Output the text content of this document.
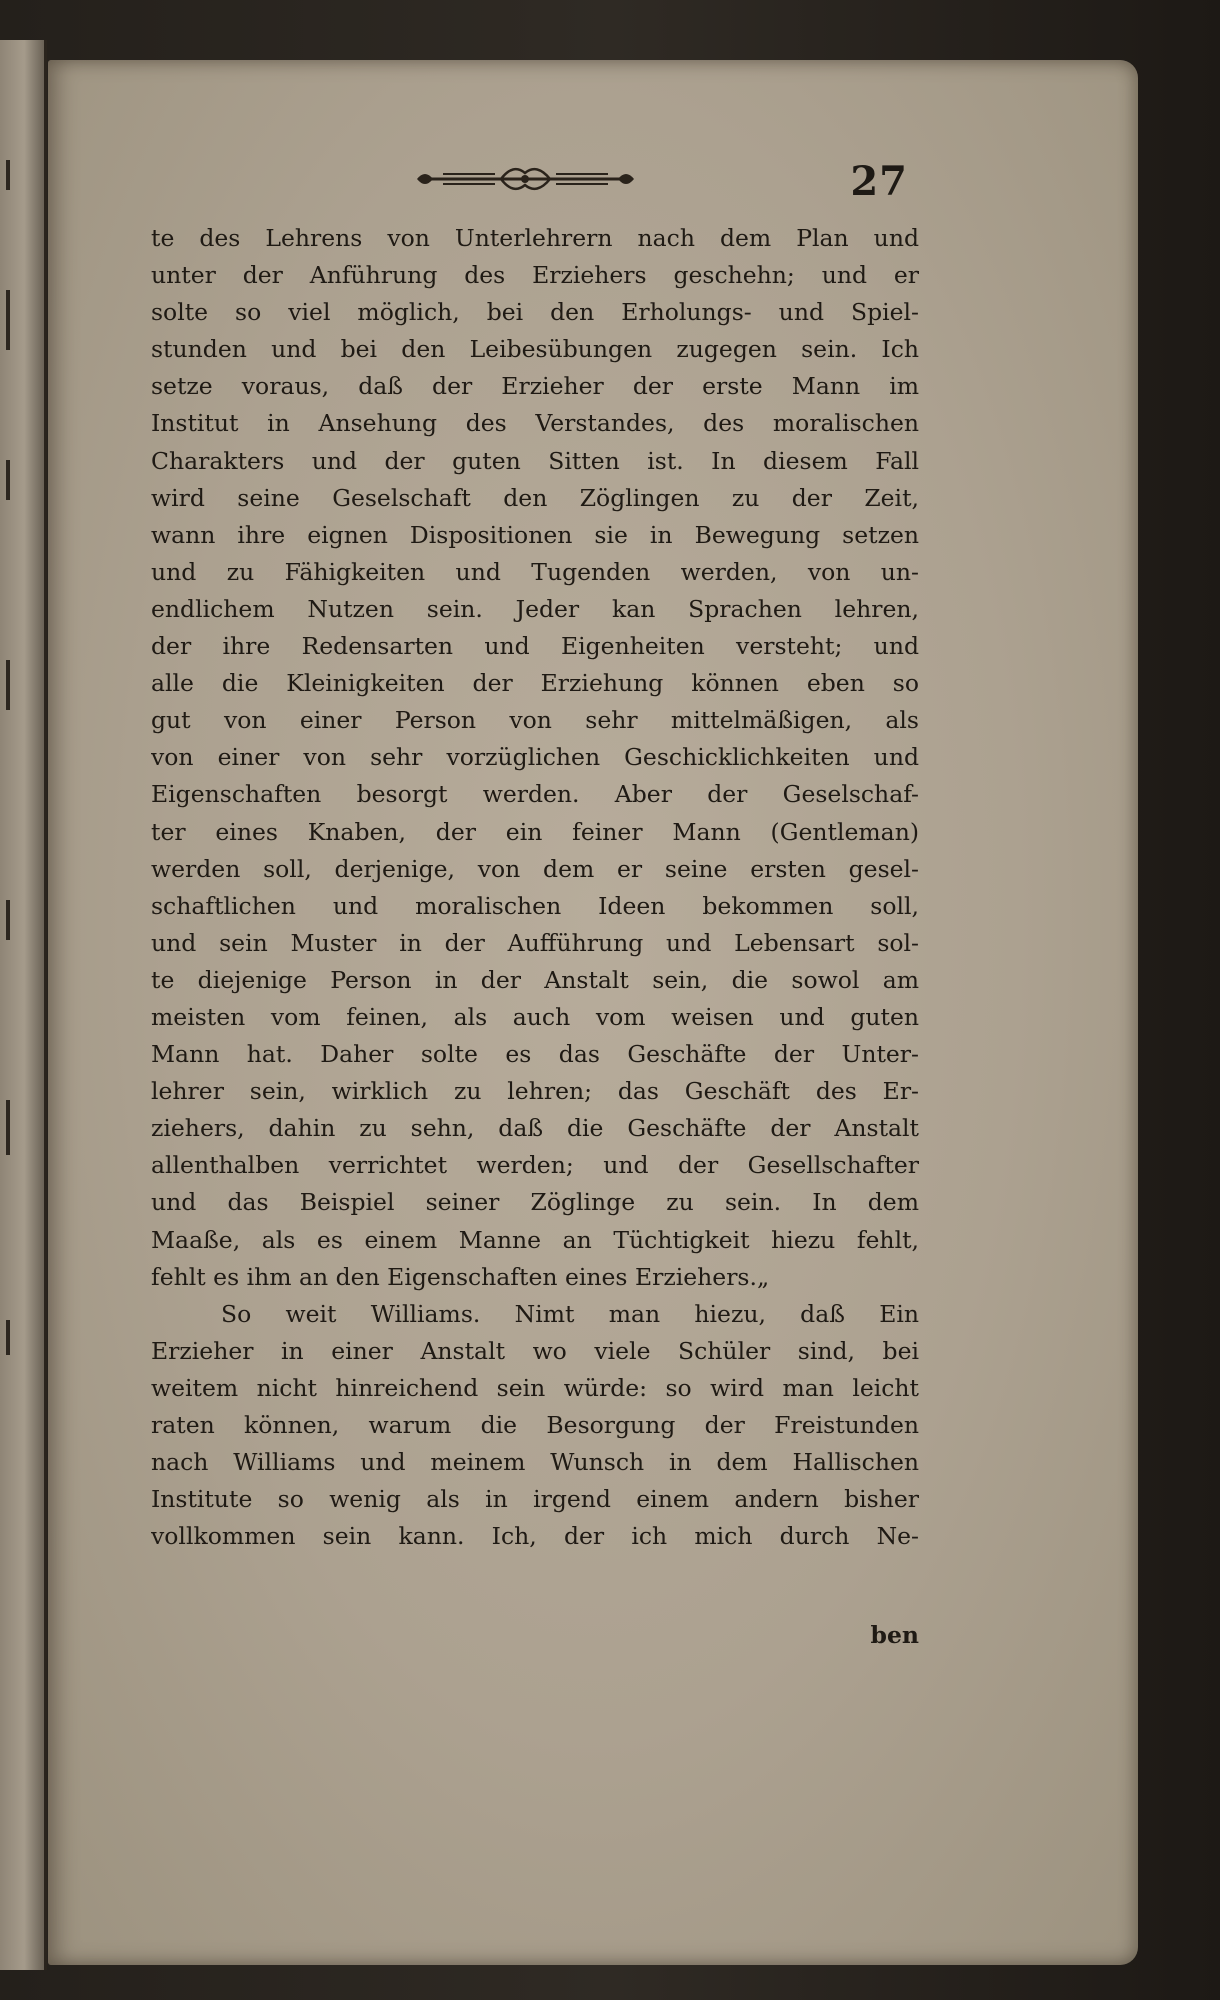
27
te des Lehrens von Unterlehrern nach dem Plan und
unter der Anführung des Erziehers geschehn; und er
solte so viel möglich, bei den Erholungs- und Spiel-
stunden und bei den Leibesübungen zugegen sein. Ich
setze voraus, daß der Erzieher der erste Mann im
Institut in Ansehung des Verstandes, des moralischen
Charakters und der guten Sitten ist. In diesem Fall
wird seine Geselschaft den Zöglingen zu der Zeit,
wann ihre eignen Dispositionen sie in Bewegung setzen
und zu Fähigkeiten und Tugenden werden, von un-
endlichem Nutzen sein. Jeder kan Sprachen lehren,
der ihre Redensarten und Eigenheiten versteht; und
alle die Kleinigkeiten der Erziehung können eben so
gut von einer Person von sehr mittelmäßigen, als
von einer von sehr vorzüglichen Geschicklichkeiten und
Eigenschaften besorgt werden. Aber der Geselschaf-
ter eines Knaben, der ein feiner Mann (Gentleman)
werden soll, derjenige, von dem er seine ersten gesel-
schaftlichen und moralischen Ideen bekommen soll,
und sein Muster in der Aufführung und Lebensart sol-
te diejenige Person in der Anstalt sein, die sowol am
meisten vom feinen, als auch vom weisen und guten
Mann hat. Daher solte es das Geschäfte der Unter-
lehrer sein, wirklich zu lehren; das Geschäft des Er-
ziehers, dahin zu sehn, daß die Geschäfte der Anstalt
allenthalben verrichtet werden; und der Gesellschafter
und das Beispiel seiner Zöglinge zu sein. In dem
Maaße, als es einem Manne an Tüchtigkeit hiezu fehlt,
fehlt es ihm an den Eigenschaften eines Erziehers.„
So weit Williams. Nimt man hiezu, daß Ein
Erzieher in einer Anstalt wo viele Schüler sind, bei
weitem nicht hinreichend sein würde: so wird man leicht
raten können, warum die Besorgung der Freistunden
nach Williams und meinem Wunsch in dem Hallischen
Institute so wenig als in irgend einem andern bisher
vollkommen sein kann. Ich, der ich mich durch Ne-
ben
